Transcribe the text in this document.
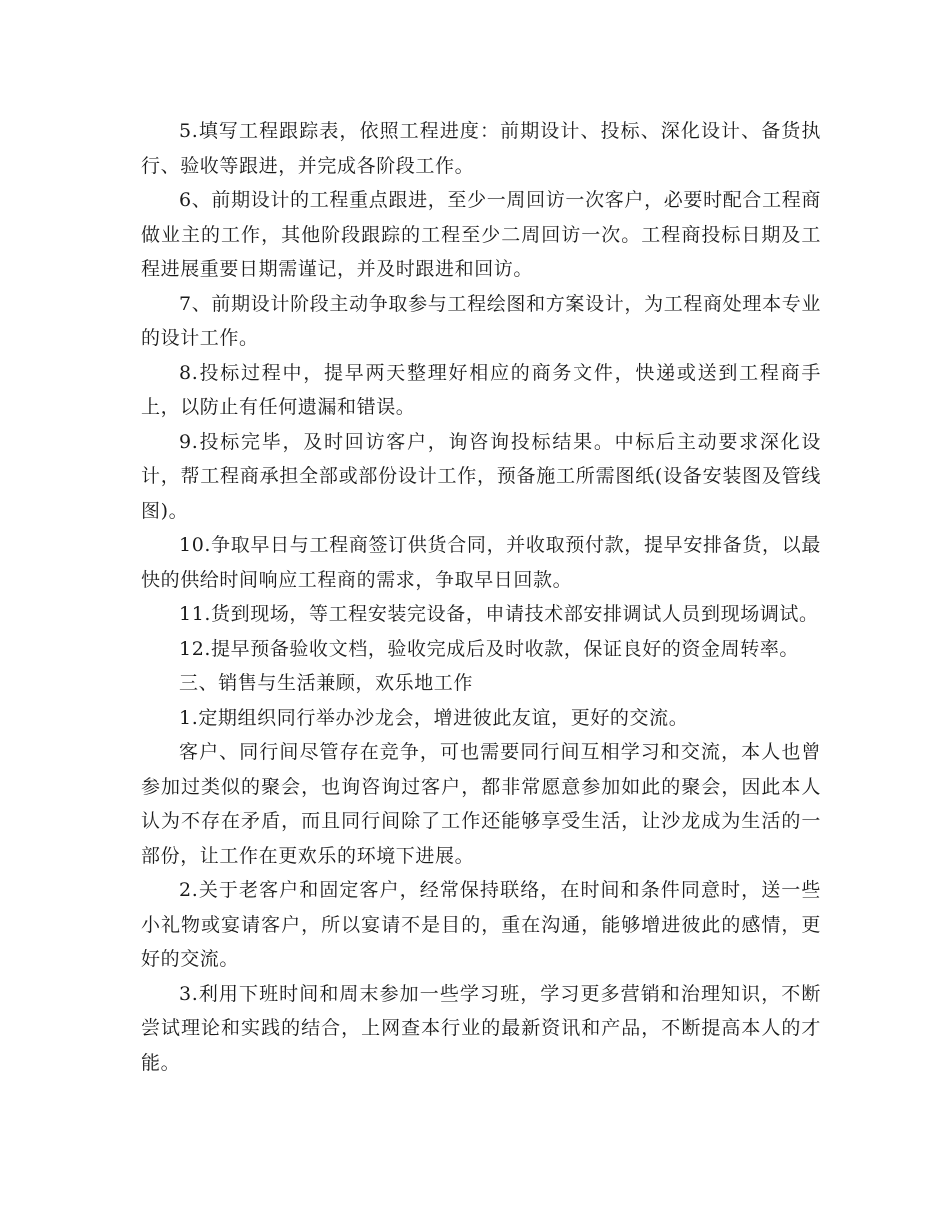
5.填写工程跟踪表，依照工程进度：前期设计、投标、深化设计、备货执行、验收等跟进，并完成各阶段工作。

6、前期设计的工程重点跟进，至少一周回访一次客户，必要时配合工程商做业主的工作，其他阶段跟踪的工程至少二周回访一次。工程商投标日期及工程进展重要日期需谨记，并及时跟进和回访。

7、前期设计阶段主动争取参与工程绘图和方案设计，为工程商处理本专业的设计工作。

8.投标过程中，提早两天整理好相应的商务文件，快递或送到工程商手上，以防止有任何遗漏和错误。

9.投标完毕，及时回访客户，询咨询投标结果。中标后主动要求深化设计，帮工程商承担全部或部份设计工作，预备施工所需图纸(设备安装图及管线图)。

10.争取早日与工程商签订供货合同，并收取预付款，提早安排备货，以最快的供给时间响应工程商的需求，争取早日回款。

11.货到现场，等工程安装完设备，申请技术部安排调试人员到现场调试。

12.提早预备验收文档，验收完成后及时收款，保证良好的资金周转率。

三、销售与生活兼顾，欢乐地工作

1.定期组织同行举办沙龙会，增进彼此友谊，更好的交流。

客户、同行间尽管存在竞争，可也需要同行间互相学习和交流，本人也曾参加过类似的聚会，也询咨询过客户，都非常愿意参加如此的聚会，因此本人认为不存在矛盾，而且同行间除了工作还能够享受生活，让沙龙成为生活的一部份，让工作在更欢乐的环境下进展。

2.关于老客户和固定客户，经常保持联络，在时间和条件同意时，送一些小礼物或宴请客户，所以宴请不是目的，重在沟通，能够增进彼此的感情，更好的交流。

3.利用下班时间和周末参加一些学习班，学习更多营销和治理知识，不断尝试理论和实践的结合，上网查本行业的最新资讯和产品，不断提高本人的才能。
